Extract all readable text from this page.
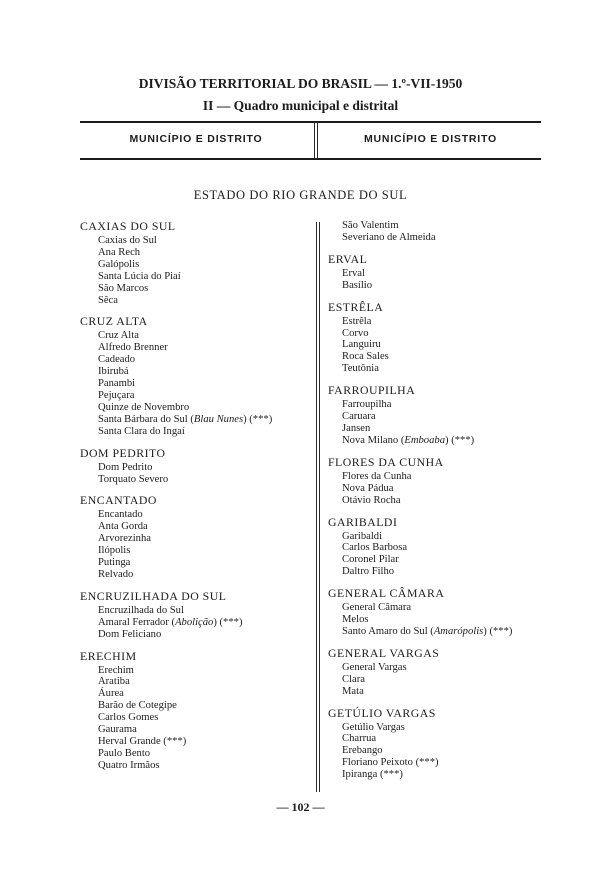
DIVISÃO TERRITORIAL DO BRASIL — 1.º-VII-1950
II — Quadro municipal e distrital
MUNICÍPIO E DISTRITO	MUNICÍPIO E DISTRITO
ESTADO DO RIO GRANDE DO SUL
CAXIAS DO SUL
Caxias do Sul
Ana Rech
Galópolis
Santa Lúcia do Piaí
São Marcos
Sêca
CRUZ ALTA
Cruz Alta
Alfredo Brenner
Cadeado
Ibirubá
Panambi
Pejuçara
Quinze de Novembro
Santa Bárbara do Sul (Blau Nunes) (***)
Santa Clara do Ingaí
DOM PEDRITO
Dom Pedrito
Torquato Severo
ENCANTADO
Encantado
Anta Gorda
Arvorezinha
Ilópolis
Putinga
Relvado
ENCRUZILHADA DO SUL
Encruzilhada do Sul
Amaral Ferrador (Abolição) (***)
Dom Feliciano
ERECHIM
Erechim
Aratiba
Áurea
Barão de Cotegipe
Carlos Gomes
Gaurama
Herval Grande (***)
Paulo Bento
Quatro Irmãos
São Valentim
Severiano de Almeida
ERVAL
Erval
Basílio
ESTRÊLA
Estrêla
Corvo
Languiru
Roca Sales
Teutônia
FARROUPILHA
Farroupilha
Caruara
Jansen
Nova Milano (Emboaba) (***)
FLORES DA CUNHA
Flores da Cunha
Nova Pádua
Otávio Rocha
GARIBALDI
Garibaldi
Carlos Barbosa
Coronel Pilar
Daltro Filho
GENERAL CÂMARA
General Câmara
Melos
Santo Amaro do Sul (Amarópolis) (***)
GENERAL VARGAS
General Vargas
Clara
Mata
GETÚLIO VARGAS
Getúlio Vargas
Charrua
Erebango
Floriano Peixoto (***)
Ipiranga (***)
— 102 —
